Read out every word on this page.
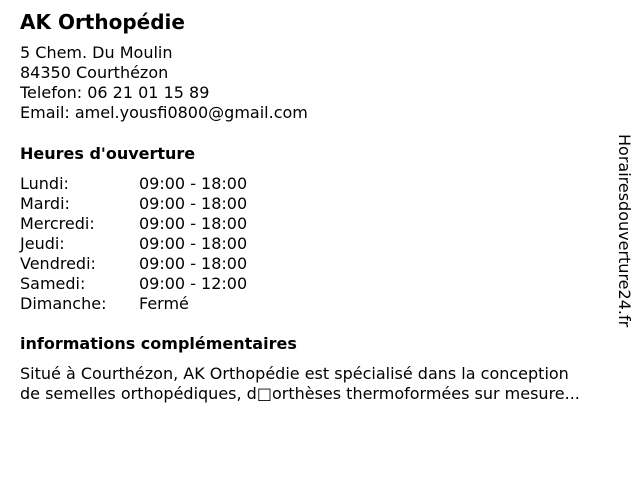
AK Orthopédie
5 Chem. Du Moulin
84350 Courthézon
Telefon: 06 21 01 15 89
Email: amel.yousfi0800@gmail.com
Heures d'ouverture
Lundi:	09:00 - 18:00
Mardi:	09:00 - 18:00
Mercredi:	09:00 - 18:00
Jeudi:	09:00 - 18:00
Vendredi:	09:00 - 18:00
Samedi:	09:00 - 12:00
Dimanche: Fermé
informations complémentaires
Situé à Courthézon, AK Orthopédie est spécialisé dans la conception
de semelles orthopédiques, d□orthèses thermoformées sur mesure...
Horairesdouverture24.fr
